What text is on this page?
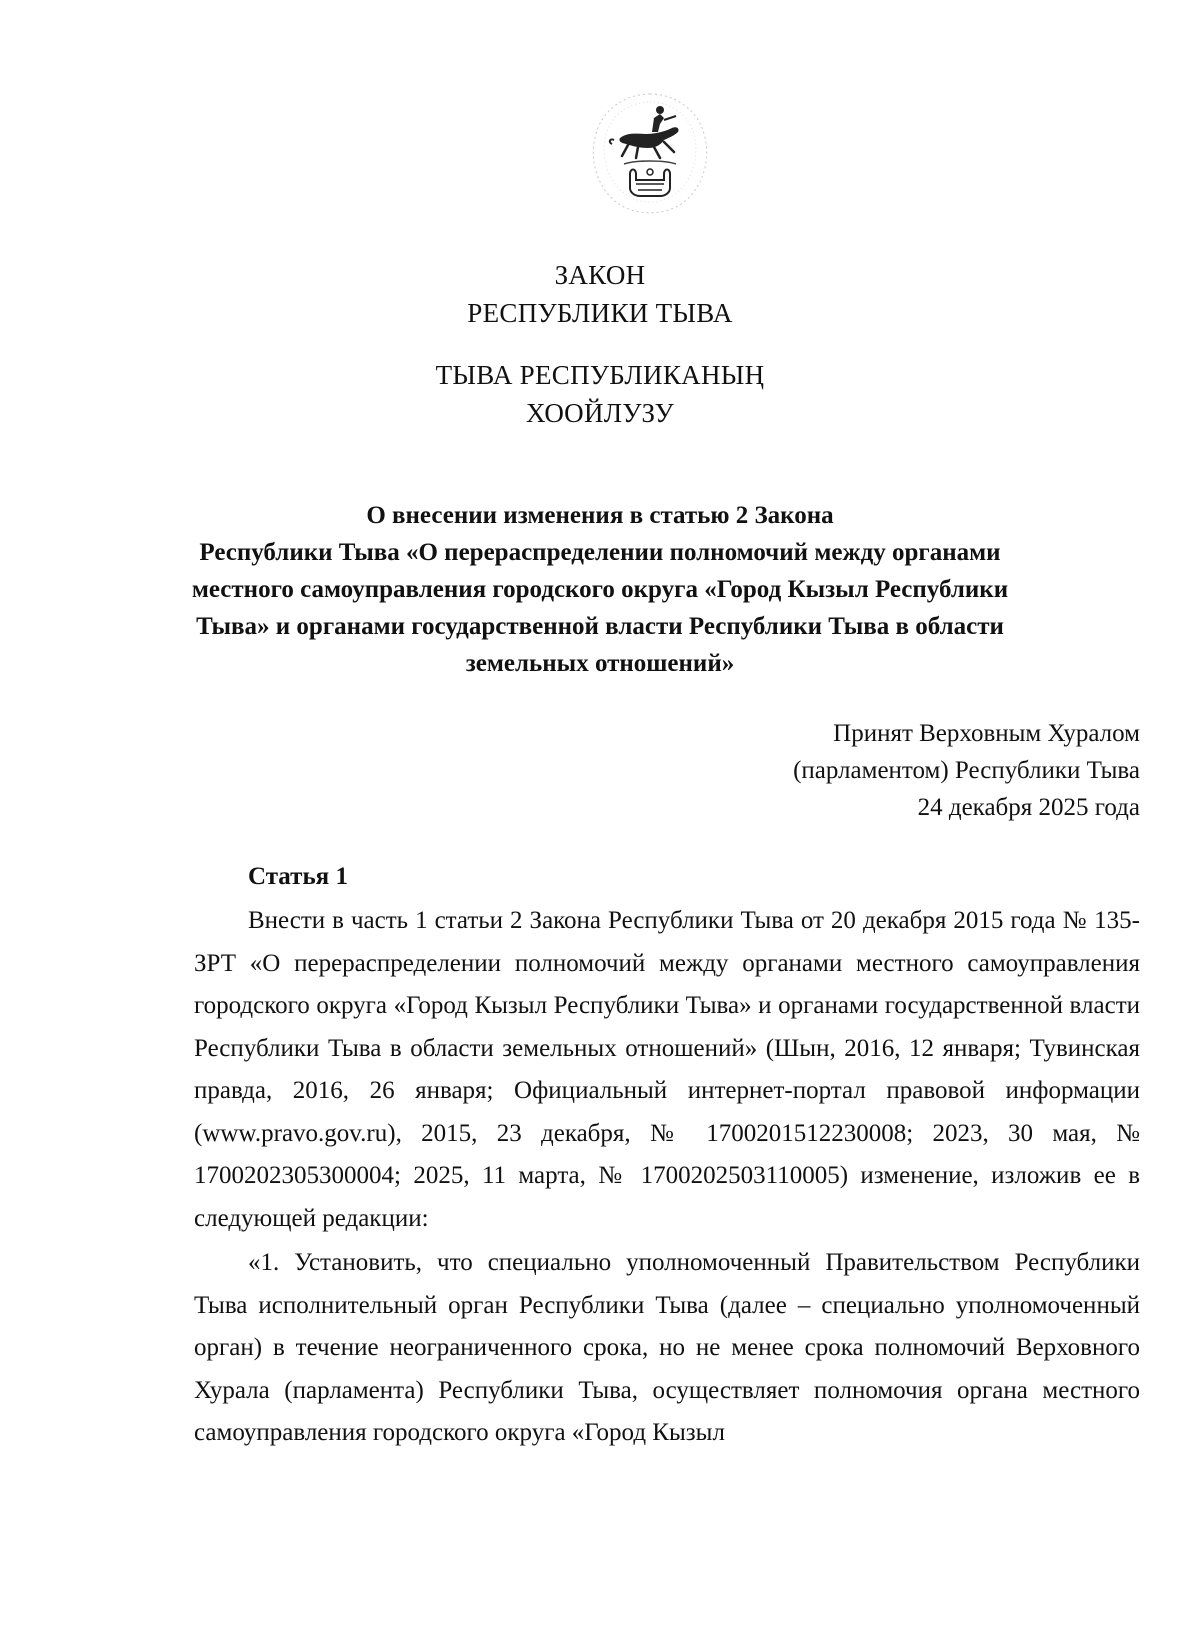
ЗАКОН
РЕСПУБЛИКИ ТЫВА
ТЫВА РЕСПУБЛИКАНЫҢ
ХООЙЛУЗУ
О внесении изменения в статью 2 Закона
Республики Тыва «О перераспределении полномочий между органами
местного самоуправления городского округа «Город Кызыл Республики
Тыва» и органами государственной власти Республики Тыва в области
земельных отношений»
Принят Верховным Хуралом
(парламентом) Республики Тыва
24 декабря 2025 года
Статья 1

Внести в часть 1 статьи 2 Закона Республики Тыва от 20 декабря 2015 года № 135-ЗРТ «О перераспределении полномочий между органами местного самоуправления городского округа «Город Кызыл Республики Тыва» и органами государственной власти Республики Тыва в области земельных отношений» (Шын, 2016, 12 января; Тувинская правда, 2016, 26 января; Официальный интернет-портал правовой информации (www.pravo.gov.ru), 2015, 23 декабря, № 1700201512230008; 2023, 30 мая, № 1700202305300004; 2025, 11 марта, № 1700202503110005) изменение, изложив ее в следующей редакции:

«1. Установить, что специально уполномоченный Правительством Республики Тыва исполнительный орган Республики Тыва (далее – специально уполномоченный орган) в течение неограниченного срока, но не менее срока полномочий Верховного Хурала (парламента) Республики Тыва, осуществляет полномочия органа местного самоуправления городского округа «Город Кызыл
